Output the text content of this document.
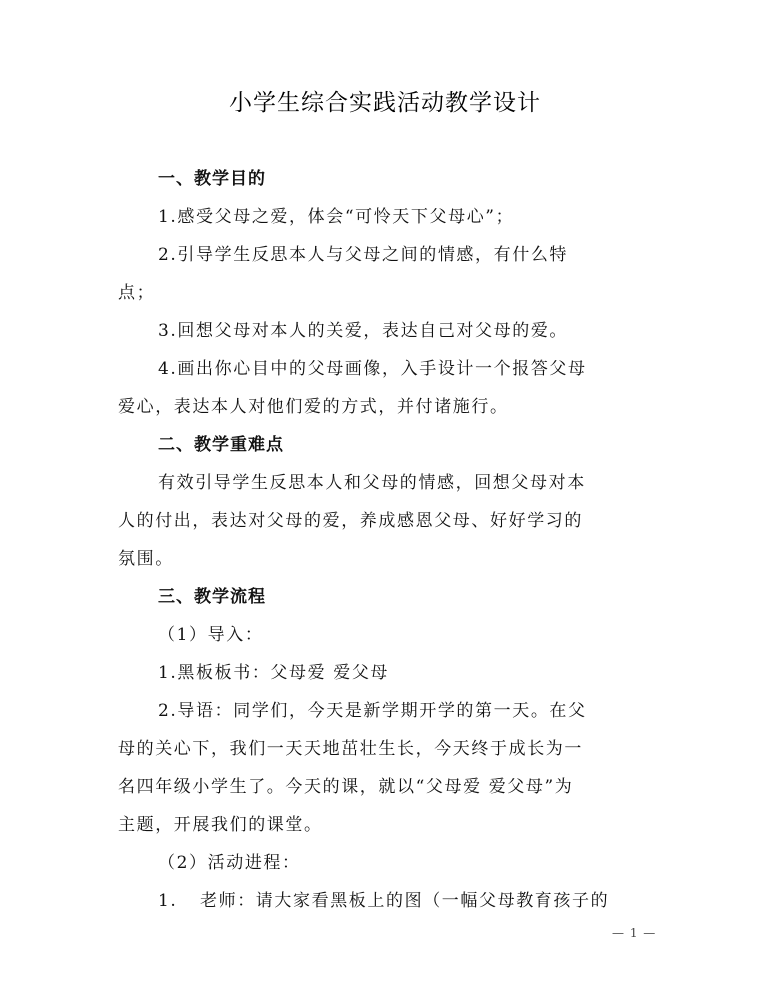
小学生综合实践活动教学设计
一、教学目的
1.感受父母之爱，体会“可怜天下父母心”；
2.引导学生反思本人与父母之间的情感，有什么特
点；
3.回想父母对本人的关爱，表达自己对父母的爱。
4.画出你心目中的父母画像，入手设计一个报答父母
爱心，表达本人对他们爱的方式，并付诸施行。
二、教学重难点
有效引导学生反思本人和父母的情感，回想父母对本
人的付出，表达对父母的爱，养成感恩父母、好好学习的
氛围。
三、教学流程
（1）导入：
1.黑板板书：父母爱 爱父母
2.导语：同学们，今天是新学期开学的第一天。在父
母的关心下，我们一天天地茁壮生长，今天终于成长为一
名四年级小学生了。今天的课，就以“父母爱 爱父母”为
主题，开展我们的课堂。
（2）活动进程：
1. 老师：请大家看黑板上的图（一幅父母教育孩子的
— 1 —
